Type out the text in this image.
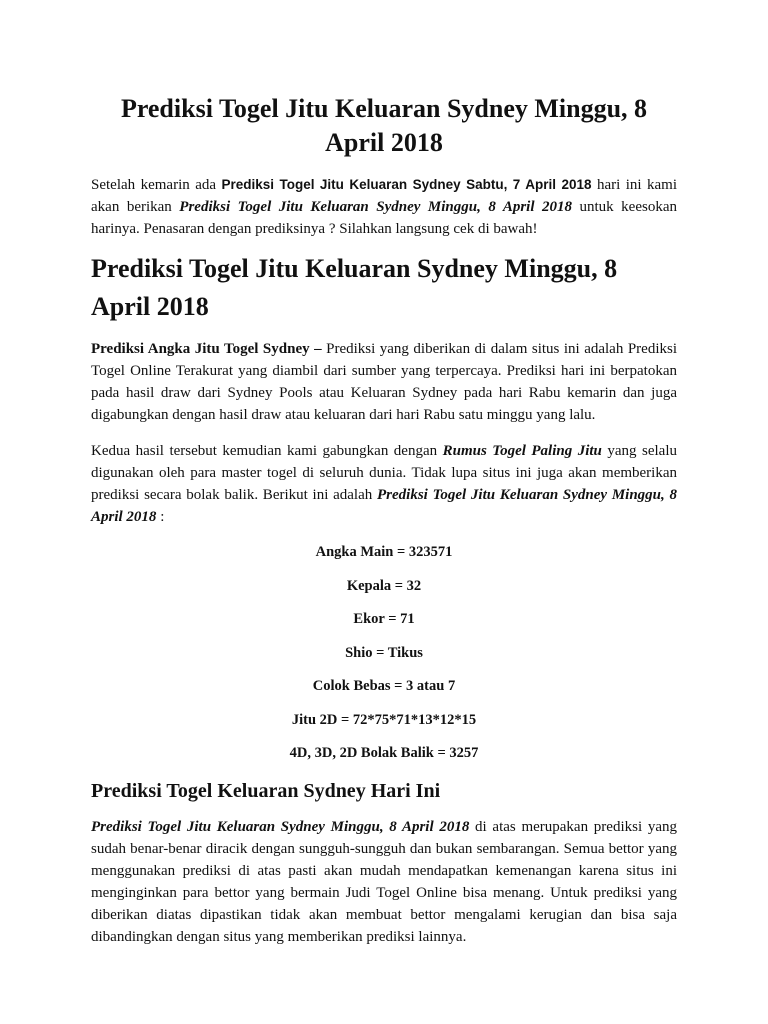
Prediksi Togel Jitu Keluaran Sydney Minggu, 8 April 2018

Setelah kemarin ada Prediksi Togel Jitu Keluaran Sydney Sabtu, 7 April 2018 hari ini kami akan berikan Prediksi Togel Jitu Keluaran Sydney Minggu, 8 April 2018 untuk keesokan harinya. Penasaran dengan prediksinya ? Silahkan langsung cek di bawah!

Prediksi Togel Jitu Keluaran Sydney Minggu, 8 April 2018

Prediksi Angka Jitu Togel Sydney – Prediksi yang diberikan di dalam situs ini adalah Prediksi Togel Online Terakurat yang diambil dari sumber yang terpercaya. Prediksi hari ini berpatokan pada hasil draw dari Sydney Pools atau Keluaran Sydney pada hari Rabu kemarin dan juga digabungkan dengan hasil draw atau keluaran dari hari Rabu satu minggu yang lalu.

Kedua hasil tersebut kemudian kami gabungkan dengan Rumus Togel Paling Jitu yang selalu digunakan oleh para master togel di seluruh dunia. Tidak lupa situs ini juga akan memberikan prediksi secara bolak balik. Berikut ini adalah Prediksi Togel Jitu Keluaran Sydney Minggu, 8 April 2018 :

Angka Main = 323571

Kepala = 32

Ekor = 71

Shio = Tikus

Colok Bebas = 3 atau 7

Jitu 2D = 72*75*71*13*12*15

4D, 3D, 2D Bolak Balik = 3257

Prediksi Togel Keluaran Sydney Hari Ini

Prediksi Togel Jitu Keluaran Sydney Minggu, 8 April 2018 di atas merupakan prediksi yang sudah benar-benar diracik dengan sungguh-sungguh dan bukan sembarangan. Semua bettor yang menggunakan prediksi di atas pasti akan mudah mendapatkan kemenangan karena situs ini menginginkan para bettor yang bermain Judi Togel Online bisa menang. Untuk prediksi yang diberikan diatas dipastikan tidak akan membuat bettor mengalami kerugian dan bisa saja dibandingkan dengan situs yang memberikan prediksi lainnya.
